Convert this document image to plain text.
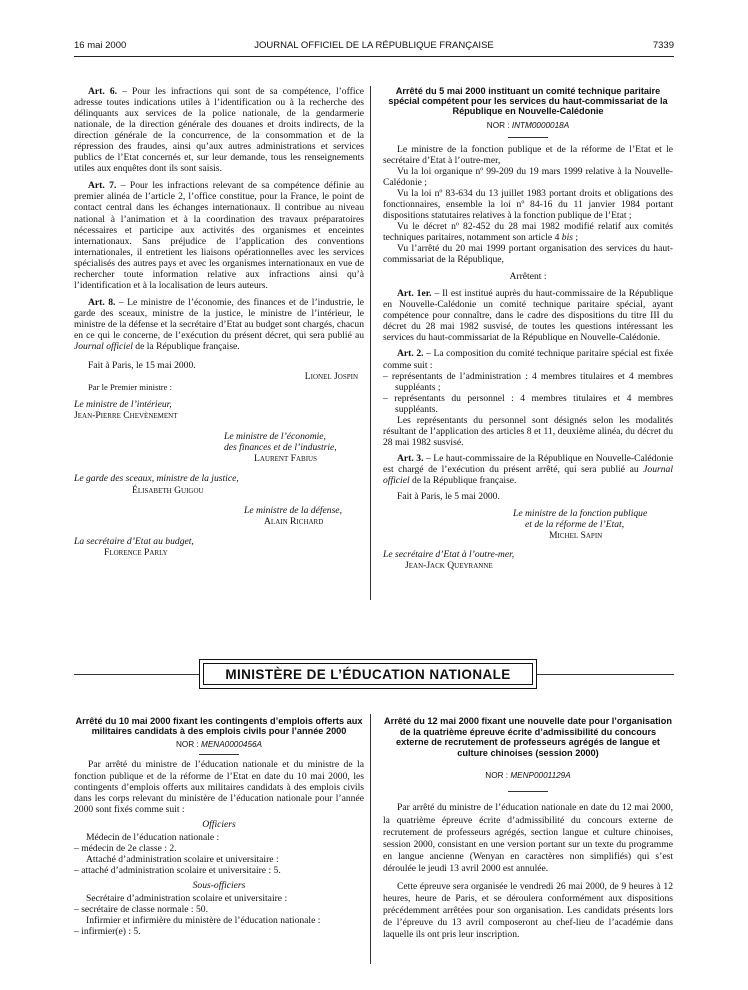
16 mai 2000	JOURNAL OFFICIEL DE LA RÉPUBLIQUE FRANÇAISE	7339

Art. 6. – Pour les infractions qui sont de sa compétence, l’office adresse toutes indications utiles à l’identification ou à la recherche des délinquants aux services de la police nationale, de la gendarmerie nationale, de la direction générale des douanes et droits indirects, de la direction générale de la concurrence, de la consommation et de la répression des fraudes, ainsi qu’aux autres administrations et services publics de l’Etat concernés et, sur leur demande, tous les renseignements utiles aux enquêtes dont ils sont saisis.

Art. 7. – Pour les infractions relevant de sa compétence définie au premier alinéa de l’article 2, l’office constitue, pour la France, le point de contact central dans les échanges internationaux. Il contribue au niveau national à l’animation et à la coordination des travaux préparatoires nécessaires et participe aux activités des organismes et enceintes internationaux. Sans préjudice de l’application des conventions internationales, il entretient les liaisons opérationnelles avec les services spécialisés des autres pays et avec les organismes internationaux en vue de rechercher toute information relative aux infractions ainsi qu’à l’identification et à la localisation de leurs auteurs.

Art. 8. – Le ministre de l’économie, des finances et de l’industrie, le garde des sceaux, ministre de la justice, le ministre de l’intérieur, le ministre de la défense et la secrétaire d’Etat au budget sont chargés, chacun en ce qui le concerne, de l’exécution du présent décret, qui sera publié au Journal officiel de la République française.

Fait à Paris, le 15 mai 2000.

Lionel Jospin

Par le Premier ministre :

Le ministre de l’intérieur,

Jean-Pierre Chevènement

Le ministre de l’économie,

des finances et de l’industrie,

Laurent Fabius

Le garde des sceaux, ministre de la justice,

Élisabeth Guigou

Le ministre de la défense,

Alain Richard

La secrétaire d’Etat au budget,

Florence Parly

Arrêté du 5 mai 2000 instituant un comité technique paritaire spécial compétent pour les services du haut-commissariat de la République en Nouvelle-Calédonie

NOR : INTM0000018A

Le ministre de la fonction publique et de la réforme de l’Etat et le secrétaire d’Etat à l’outre-mer,

Vu la loi organique nº 99-209 du 19 mars 1999 relative à la Nouvelle-Calédonie ;

Vu la loi nº 83-634 du 13 juillet 1983 portant droits et obligations des fonctionnaires, ensemble la loi nº 84-16 du 11 janvier 1984 portant dispositions statutaires relatives à la fonction publique de l’Etat ;

Vu le décret nº 82-452 du 28 mai 1982 modifié relatif aux comités techniques paritaires, notamment son article 4 bis ;

Vu l’arrêté du 20 mai 1999 portant organisation des services du haut-commissariat de la République,

Arrêtent :

Art. 1er. – Il est institué auprès du haut-commissaire de la République en Nouvelle-Calédonie un comité technique paritaire spécial, ayant compétence pour connaître, dans le cadre des dispositions du titre III du décret du 28 mai 1982 susvisé, de toutes les questions intéressant les services du haut-commissariat de la République en Nouvelle-Calédonie.

Art. 2. – La composition du comité technique paritaire spécial est fixée comme suit :

– représentants de l’administration : 4 membres titulaires et 4 membres suppléants ;

– représentants du personnel : 4 membres titulaires et 4 membres suppléants.

Les représentants du personnel sont désignés selon les modalités résultant de l’application des articles 8 et 11, deuxième alinéa, du décret du 28 mai 1982 susvisé.

Art. 3. – Le haut-commissaire de la République en Nouvelle-Calédonie est chargé de l’exécution du présent arrêté, qui sera publié au Journal officiel de la République française.

Fait à Paris, le 5 mai 2000.

Le ministre de la fonction publique

et de la réforme de l’Etat,

Michel Sapin

Le secrétaire d’Etat à l’outre-mer,

Jean-Jack Queyranne

MINISTÈRE DE L’ÉDUCATION NATIONALE

Arrêté du 10 mai 2000 fixant les contingents d’emplois offerts aux militaires candidats à des emplois civils pour l’année 2000

NOR : MENA0000456A

Par arrêté du ministre de l’éducation nationale et du ministre de la fonction publique et de la réforme de l’Etat en date du 10 mai 2000, les contingents d’emplois offerts aux militaires candidats à des emplois civils dans les corps relevant du ministère de l’éducation nationale pour l’année 2000 sont fixés comme suit :

Officiers

Médecin de l’éducation nationale :

– médecin de 2e classe : 2.

Attaché d’administration scolaire et universitaire :

– attaché d’administration scolaire et universitaire : 5.

Sous-officiers

Secrétaire d’administration scolaire et universitaire :

– secrétaire de classe normale : 50.

Infirmier et infirmière du ministère de l’éducation nationale :

– infirmier(e) : 5.

Arrêté du 12 mai 2000 fixant une nouvelle date pour l’organisation de la quatrième épreuve écrite d’admissibilité du concours externe de recrutement de professeurs agrégés de langue et culture chinoises (session 2000)

NOR : MENP0001129A

Par arrêté du ministre de l’éducation nationale en date du 12 mai 2000, la quatrième épreuve écrite d’admissibilité du concours externe de recrutement de professeurs agrégés, section langue et culture chinoises, session 2000, consistant en une version portant sur un texte du programme en langue ancienne (Wenyan en caractères non simplifiés) qui s’est déroulée le jeudi 13 avril 2000 est annulée.

Cette épreuve sera organisée le vendredi 26 mai 2000, de 9 heures à 12 heures, heure de Paris, et se déroulera conformément aux dispositions précédemment arrêtées pour son organisation. Les candidats présents lors de l’épreuve du 13 avril composeront au chef-lieu de l’académie dans laquelle ils ont pris leur inscription.
